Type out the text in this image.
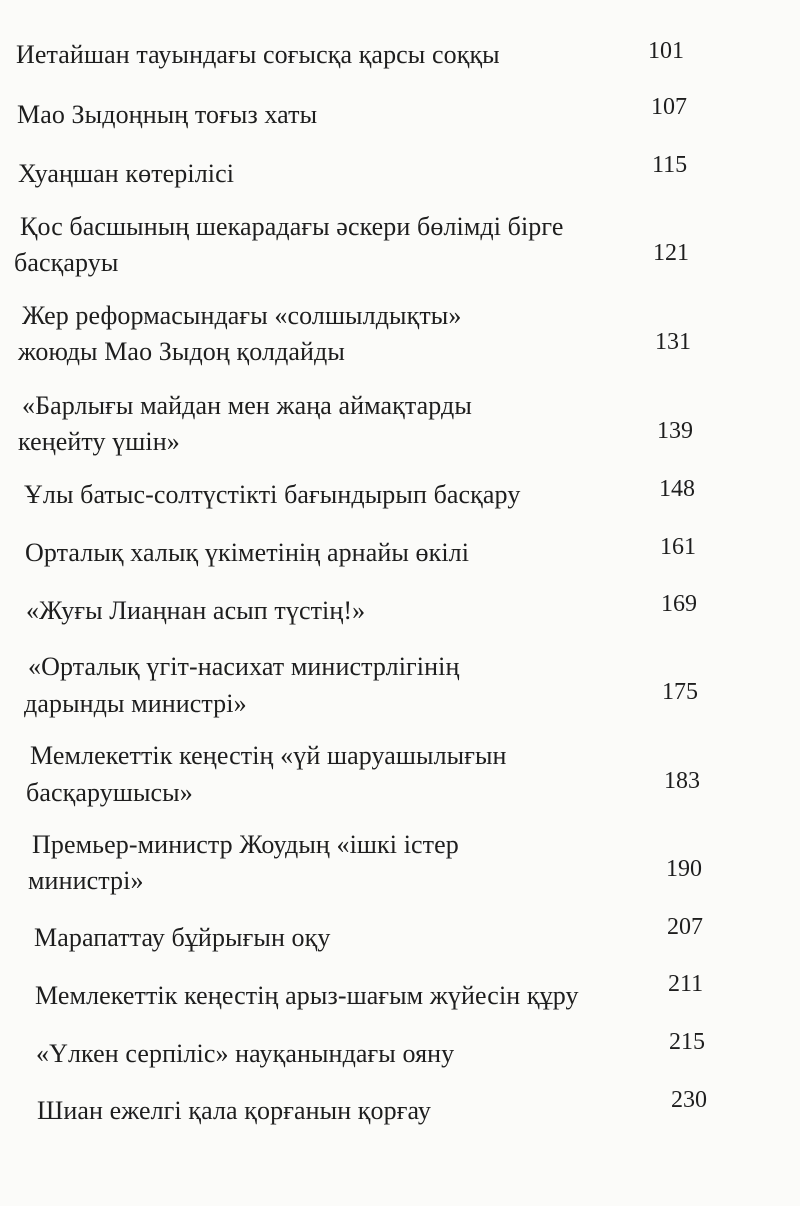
Иетайшан тауындағы соғысқа қарсы соққы	101
Мао Зыдоңның тоғыз хаты	107
Хуаңшан көтерілісі	115
Қос басшының шекарадағы әскери бөлімді бірге
басқаруы	121
Жер реформасындағы «солшылдықты»
жоюды Мао Зыдоң қолдайды	131
«Барлығы майдан мен жаңа аймақтарды
кеңейту үшін»	139
Ұлы батыс-солтүстікті бағындырып басқару	148
Орталық халық үкіметінің арнайы өкілі	161
«Жуғы Лиаңнан асып түстің!»	169
«Орталық үгіт-насихат министрлігінің
дарынды министрі»	175
Мемлекеттік кеңестің «үй шаруашылығын
басқарушысы»	183
Премьер-министр Жоудың «ішкі істер
министрі»	190
Марапаттау бұйрығын оқу	207
Мемлекеттік кеңестің арыз-шағым жүйесін құру	211
«Үлкен серпіліс» науқанындағы ояну	215
Шиан ежелгі қала қорғанын қорғау	230
